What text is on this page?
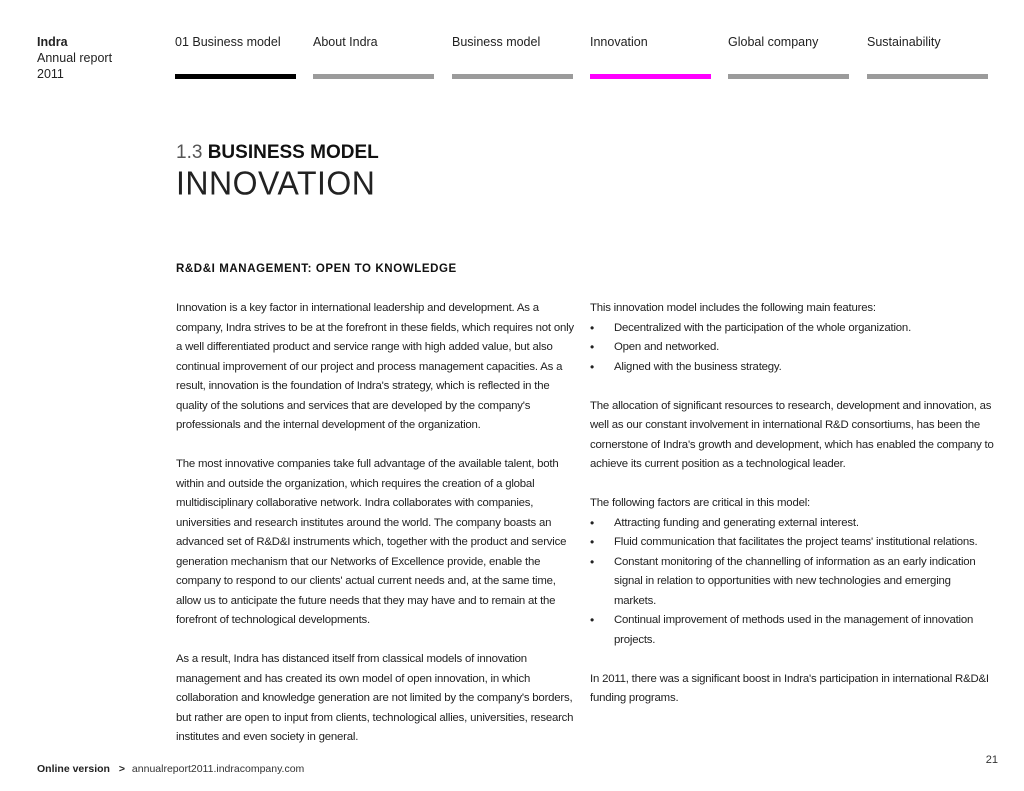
Indra
Annual report
2011
01 Business model	About Indra	Business model	Innovation	Global company	Sustainability
1.3 BUSINESS MODEL
INNOVATION
R&D&I MANAGEMENT: OPEN TO KNOWLEDGE

Innovation is a key factor in international leadership and development. As a company, Indra strives to be at the forefront in these fields, which requires not only a well differentiated product and service range with high added value, but also continual improvement of our project and process management capacities. As a result, innovation is the foundation of Indra's strategy, which is reflected in the quality of the solutions and services that are developed by the company's professionals and the internal development of the organization.

The most innovative companies take full advantage of the available talent, both within and outside the organization, which requires the creation of a global multidisciplinary collaborative network. Indra collaborates with companies, universities and research institutes around the world. The company boasts an advanced set of R&D&I instruments which, together with the product and service generation mechanism that our Networks of Excellence provide, enable the company to respond to our clients' actual current needs and, at the same time, allow us to anticipate the future needs that they may have and to remain at the forefront of technological developments.

As a result, Indra has distanced itself from classical models of innovation management and has created its own model of open innovation, in which collaboration and knowledge generation are not limited by the company's borders, but rather are open to input from clients, technological allies, universities, research institutes and even society in general.

This innovation model includes the following main features:

• Decentralized with the participation of the whole organization.
• Open and networked.
• Aligned with the business strategy.

The allocation of significant resources to research, development and innovation, as well as our constant involvement in international R&D consortiums, has been the cornerstone of Indra's growth and development, which has enabled the company to achieve its current position as a technological leader.

The following factors are critical in this model:

• Attracting funding and generating external interest.
• Fluid communication that facilitates the project teams' institutional relations.
• Constant monitoring of the channelling of information as an early indication signal in relation to opportunities with new technologies and emerging markets.
• Continual improvement of methods used in the management of innovation projects.

In 2011, there was a significant boost in Indra's participation in international R&D&I funding programs.

21
Online version > annualreport2011.indracompany.com
